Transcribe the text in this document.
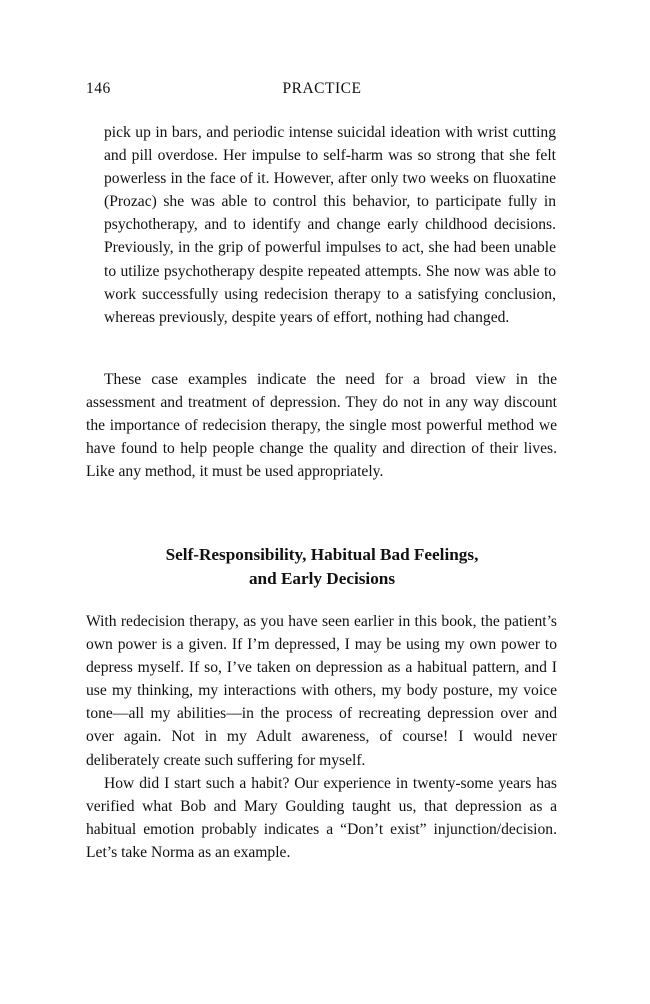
146	PRACTICE

pick up in bars, and periodic intense suicidal ideation with wrist cutting and pill overdose. Her impulse to self-harm was so strong that she felt powerless in the face of it. However, after only two weeks on fluoxatine (Prozac) she was able to control this behavior, to participate fully in psychotherapy, and to identify and change early childhood decisions. Previously, in the grip of powerful impulses to act, she had been unable to utilize psychotherapy despite repeated attempts. She now was able to work successfully using redecision therapy to a satisfying conclusion, whereas previously, despite years of effort, nothing had changed.

These case examples indicate the need for a broad view in the assessment and treatment of depression. They do not in any way discount the importance of redecision therapy, the single most powerful method we have found to help people change the quality and direction of their lives. Like any method, it must be used appropriately.

Self-Responsibility, Habitual Bad Feelings,
and Early Decisions

With redecision therapy, as you have seen earlier in this book, the patient’s own power is a given. If I’m depressed, I may be using my own power to depress myself. If so, I’ve taken on depression as a habitual pattern, and I use my thinking, my interactions with others, my body posture, my voice tone—all my abilities—in the process of recreating depression over and over again. Not in my Adult awareness, of course! I would never deliberately create such suffering for myself.

How did I start such a habit? Our experience in twenty-some years has verified what Bob and Mary Goulding taught us, that depression as a habitual emotion probably indicates a “Don’t exist” injunction/decision. Let’s take Norma as an example.
